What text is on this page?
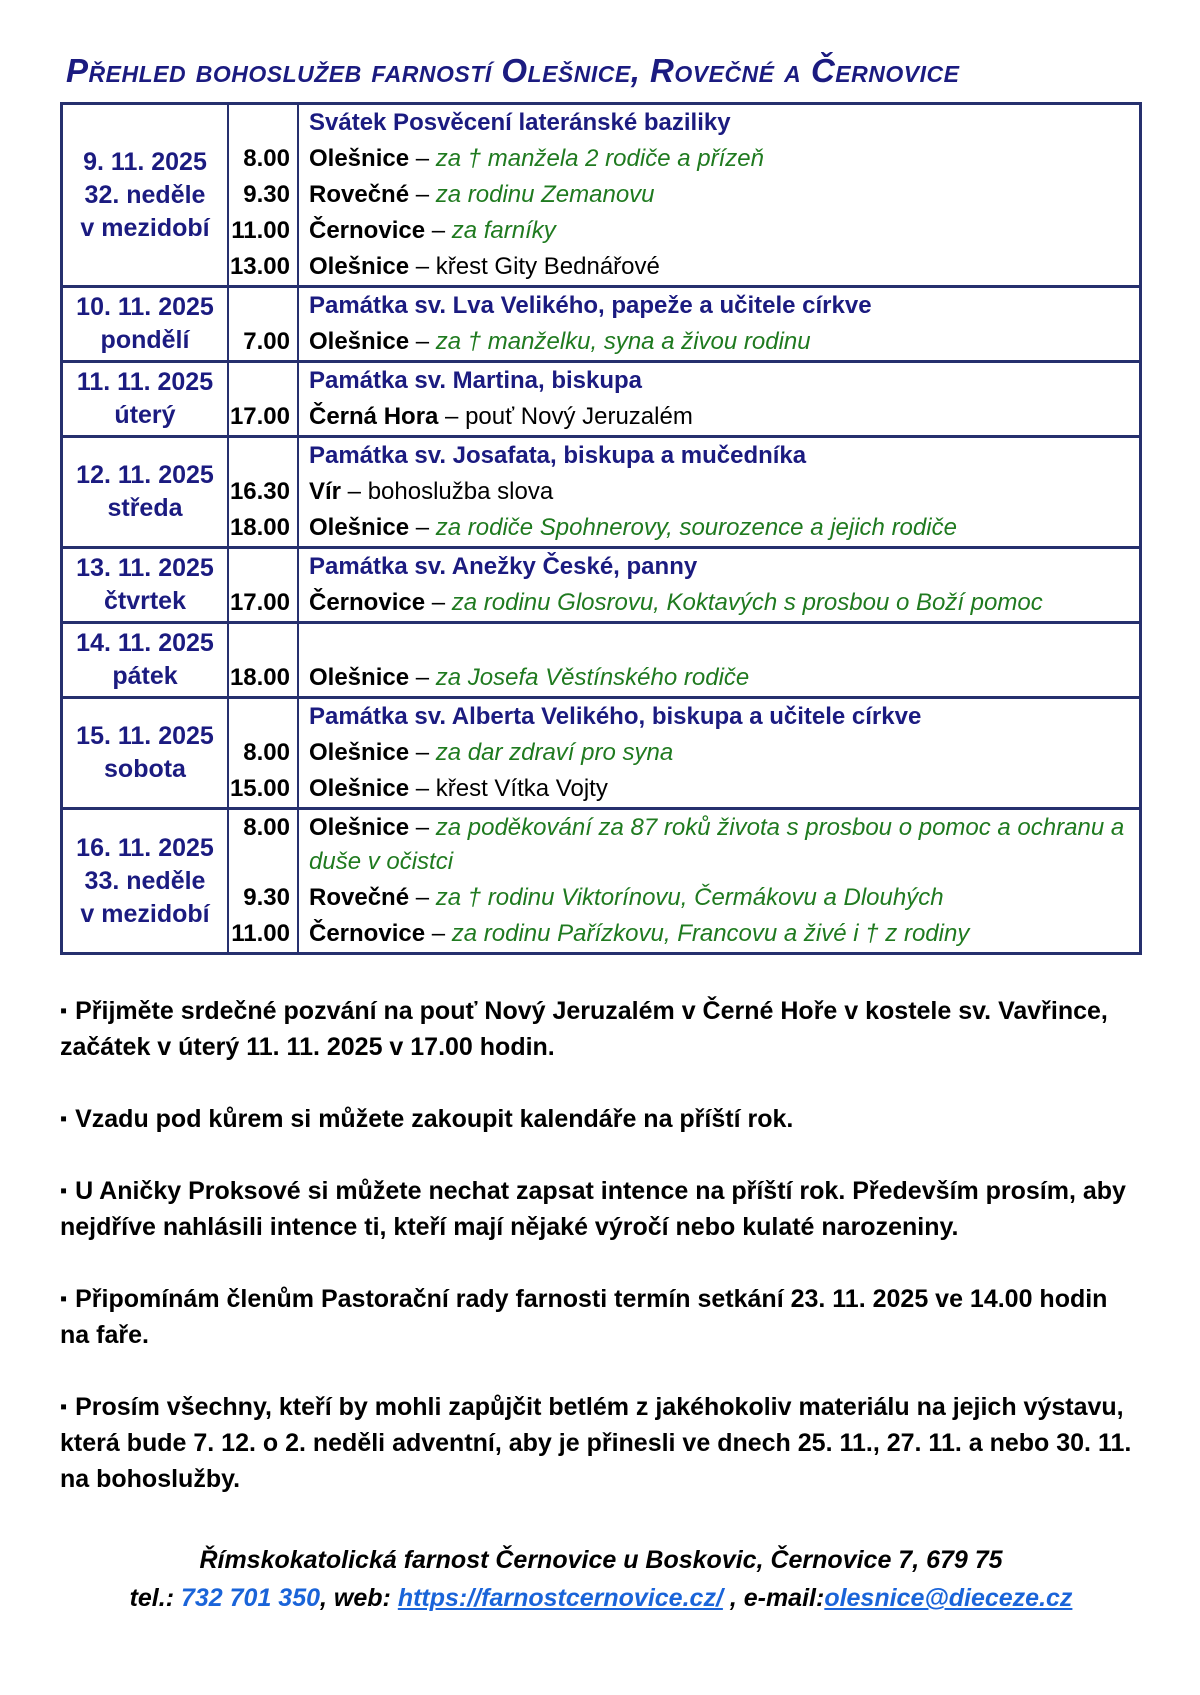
Přehled bohoslužeb farností Olešnice, Rovečné a Černovice
9. 11. 2025
32. neděle
v mezidobí
Svátek Posvěcení lateránské baziliky
8.00 Olešnice – za † manžela 2 rodiče a přízeň
9.30 Rovečné – za rodinu Zemanovu
11.00 Černovice – za farníky
13.00 Olešnice – křest Gity Bednářové
10. 11. 2025
pondělí
Památka sv. Lva Velikého, papeže a učitele církve
7.00 Olešnice – za † manželku, syna a živou rodinu
11. 11. 2025
úterý
Památka sv. Martina, biskupa
17.00 Černá Hora – pouť Nový Jeruzalém
12. 11. 2025
středa
Památka sv. Josafata, biskupa a mučedníka
16.30 Vír – bohoslužba slova
18.00 Olešnice – za rodiče Spohnerovy, sourozence a jejich rodiče
13. 11. 2025
čtvrtek
Památka sv. Anežky České, panny
17.00 Černovice – za rodinu Glosrovu, Koktavých s prosbou o Boží pomoc
14. 11. 2025
pátek	18.00 Olešnice – za Josefa Věstínského rodiče
15. 11. 2025
sobota
Památka sv. Alberta Velikého, biskupa a učitele církve
8.00 Olešnice – za dar zdraví pro syna
15.00 Olešnice – křest Vítka Vojty
16. 11. 2025
33. neděle
v mezidobí
8.00 Olešnice – za poděkování za 87 roků života s prosbou o pomoc a ochranu a duše v očistci
9.30 Rovečné – za † rodinu Viktorínovu, Čermákovu a Dlouhých
11.00 Černovice – za rodinu Pařízkovu, Francovu a živé i † z rodiny

▪ Přijměte srdečné pozvání na pouť Nový Jeruzalém v Černé Hoře v kostele sv. Vavřince, začátek v úterý 11. 11. 2025 v 17.00 hodin.

▪ Vzadu pod kůrem si můžete zakoupit kalendáře na příští rok.

▪ U Aničky Proksové si můžete nechat zapsat intence na příští rok. Především prosím, aby nejdříve nahlásili intence ti, kteří mají nějaké výročí nebo kulaté narozeniny.

▪ Připomínám členům Pastorační rady farnosti termín setkání 23. 11. 2025 ve 14.00 hodin na faře.

▪ Prosím všechny, kteří by mohli zapůjčit betlém z jakéhokoliv materiálu na jejich výstavu, která bude 7. 12. o 2. neděli adventní, aby je přinesli ve dnech 25. 11., 27. 11. a nebo 30. 11. na bohoslužby.

Římskokatolická farnost Černovice u Boskovic, Černovice 7, 679 75
tel.: 732 701 350, web: https://farnostcernovice.cz/ , e-mail:olesnice@dieceze.cz
